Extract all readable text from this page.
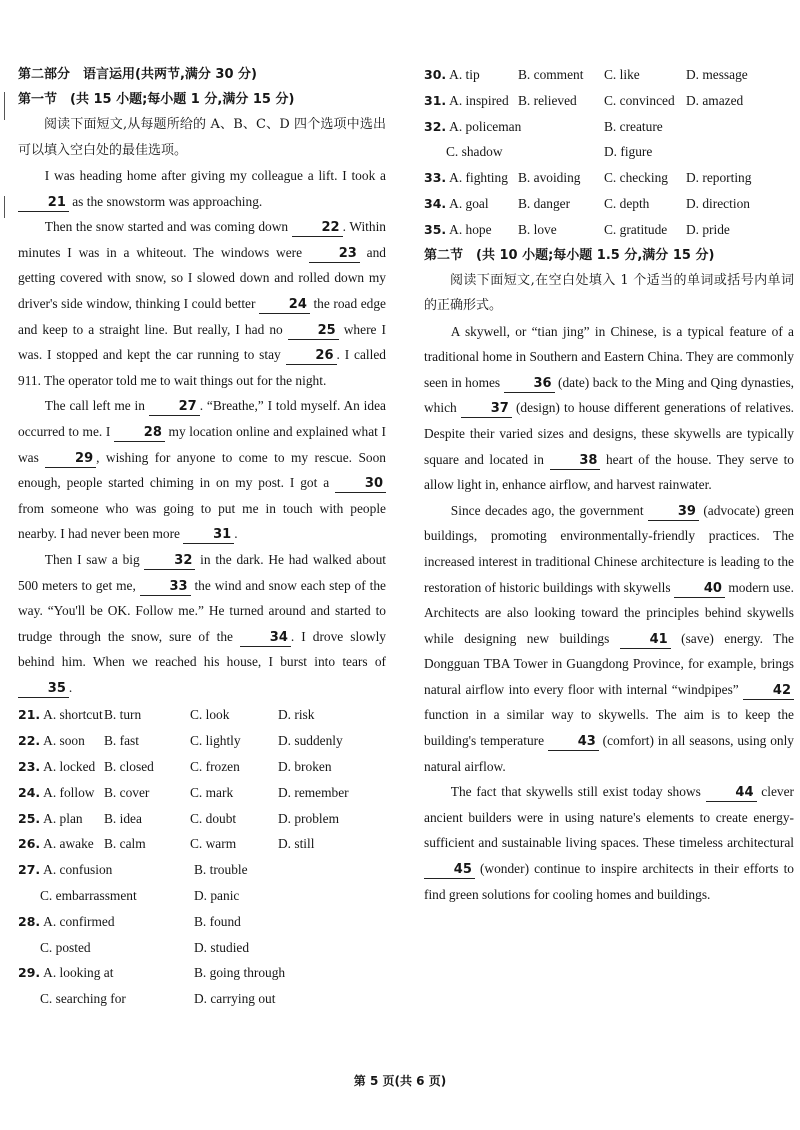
第二部分　语言运用(共两节,满分 30 分)
第一节　(共 15 小题;每小题 1 分,满分 15 分)
阅读下面短文,从每题所给的 A、B、C、D 四个选项中选出可以填入空白处的最佳选项。

I was heading home after giving my colleague a lift. I took a 21 as the snowstorm was approaching.

Then the snow started and was coming down 22 . Within minutes I was in a whiteout. The windows were 23 and getting covered with snow, so I slowed down and rolled down my driver's side window, thinking I could better 24 the road edge and keep to a straight line. But really, I had no 25 where I was. I stopped and kept the car running to stay 26 . I called 911. The operator told me to wait things out for the night.

The call left me in 27 . “Breathe,” I told myself. An idea occurred to me. I 28 my location online and explained what I was 29 , wishing for anyone to come to my rescue. Soon enough, people started chiming in on my post. I got a 30 from someone who was going to put me in touch with people nearby. I had never been more 31 .

Then I saw a big 32 in the dark. He had walked about 500 meters to get me, 33 the wind and snow each step of the way. “You'll be OK. Follow me.” He turned around and started to trudge through the snow, sure of the 34 . I drove slowly behind him. When we reached his house, I burst into tears of 35 .

21. A. shortcut B. turn	C. look	D. risk
22. A. soon	B. fast	C. lightly	D. suddenly
23. A. locked B. closed	C. frozen	D. broken
24. A. follow B. cover	C. mark	D. remember
25. A. plan	B. idea	C. doubt	D. problem
26. A. awake B. calm	C. warm	D. still
27. A. confusion	B. trouble
C. embarrassment	D. panic
28. A. confirmed	B. found
C. posted	D. studied
29. A. looking at	B. going through
C. searching for	D. carrying out
30. A. tip	B. comment	C. like	D. message
31. A. inspired B. relieved	C. convinced D. amazed
32. A. policeman	B. creature
C. shadow	D. figure
33. A. fighting B. avoiding	C. checking	D. reporting
34. A. goal	B. danger	C. depth	D. direction
35. A. hope	B. love	C. gratitude	D. pride
第二节　(共 10 小题;每小题 1.5 分,满分 15 分)
阅读下面短文,在空白处填入 1 个适当的单词或括号内单词的正确形式。

A skywell, or “tian jing” in Chinese, is a typical feature of a traditional home in Southern and Eastern China. They are commonly seen in homes 36 (date) back to the Ming and Qing dynasties, which 37 (design) to house different generations of relatives. Despite their varied sizes and designs, these skywells are typically square and located in 38 heart of the house. They serve to allow light in, enhance airflow, and harvest rainwater.

Since decades ago, the government 39 (advocate) green buildings, promoting environmentally-friendly practices. The increased interest in traditional Chinese architecture is leading to the restoration of historic buildings with skywells 40 modern use. Architects are also looking toward the principles behind skywells while designing new buildings 41 (save) energy. The Dongguan TBA Tower in Guangdong Province, for example, brings natural airflow into every floor with internal “windpipes” 42 function in a similar way to skywells. The aim is to keep the building's temperature 43 (comfort) in all seasons, using only natural airflow.

The fact that skywells still exist today shows 44 clever ancient builders were in using nature's elements to create energy-sufficient and sustainable living spaces. These timeless architectural 45 (wonder) continue to inspire architects in their efforts to find green solutions for cooling homes and buildings.

第 5 页(共 6 页)
